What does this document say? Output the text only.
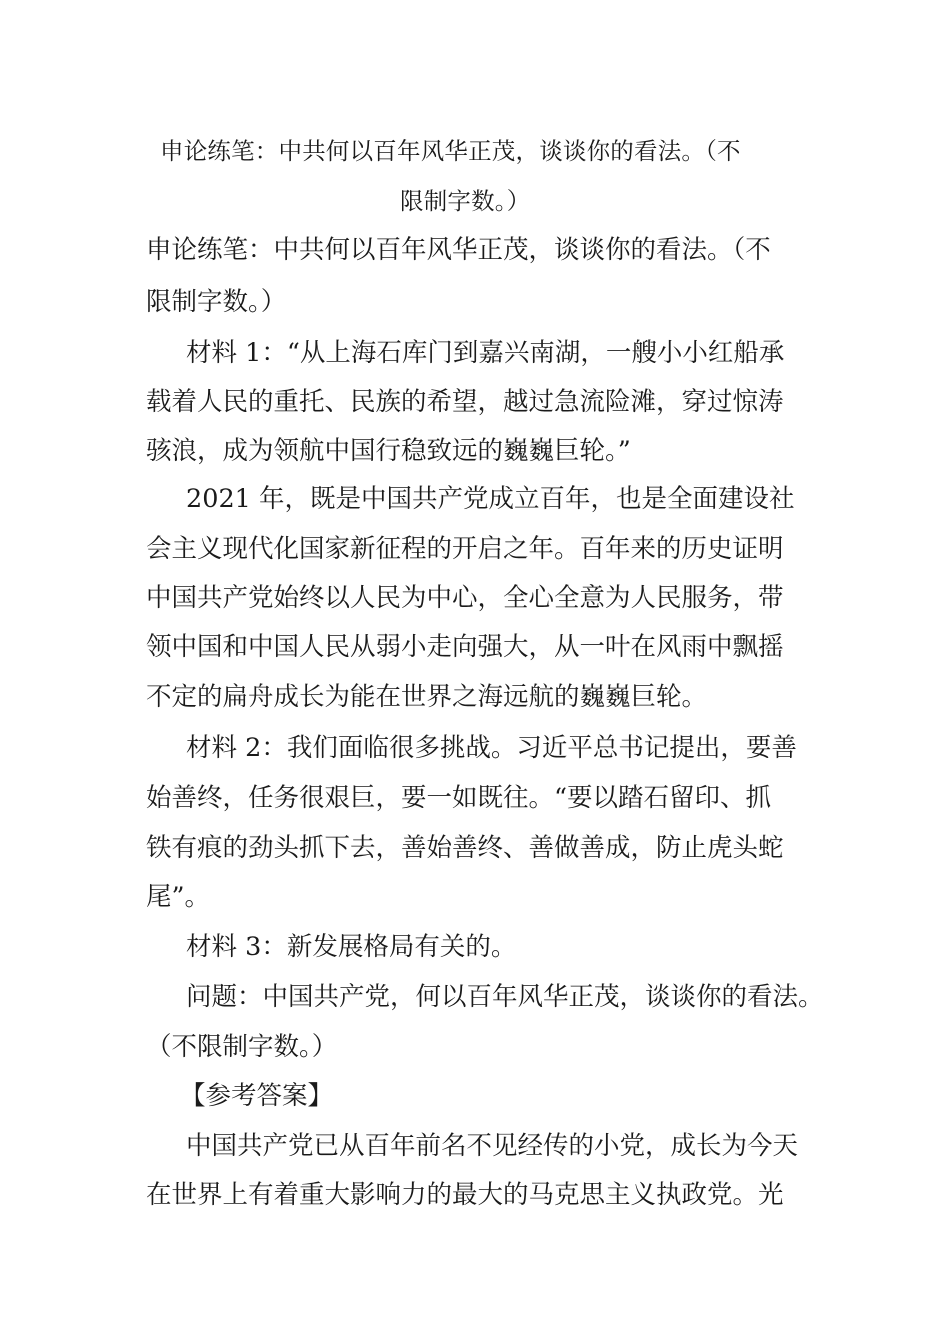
申论练笔：中共何以百年风华正茂，谈谈你的看法。（不
限制字数。）
申论练笔：中共何以百年风华正茂，谈谈你的看法。（不
限制字数。）
材料 1：“从上海石库门到嘉兴南湖，一艘小小红船承
载着人民的重托、民族的希望，越过急流险滩，穿过惊涛
骇浪，成为领航中国行稳致远的巍巍巨轮。”
2021 年，既是中国共产党成立百年，也是全面建设社
会主义现代化国家新征程的开启之年。百年来的历史证明
中国共产党始终以人民为中心，全心全意为人民服务，带
领中国和中国人民从弱小走向强大，从一叶在风雨中飘摇
不定的扁舟成长为能在世界之海远航的巍巍巨轮。
材料 2：我们面临很多挑战。习近平总书记提出，要善
始善终，任务很艰巨，要一如既往。“要以踏石留印、抓
铁有痕的劲头抓下去，善始善终、善做善成，防止虎头蛇
尾”。
材料 3：新发展格局有关的。
问题：中国共产党，何以百年风华正茂，谈谈你的看法。
（不限制字数。）
【参考答案】
中国共产党已从百年前名不见经传的小党，成长为今天
在世界上有着重大影响力的最大的马克思主义执政党。光
